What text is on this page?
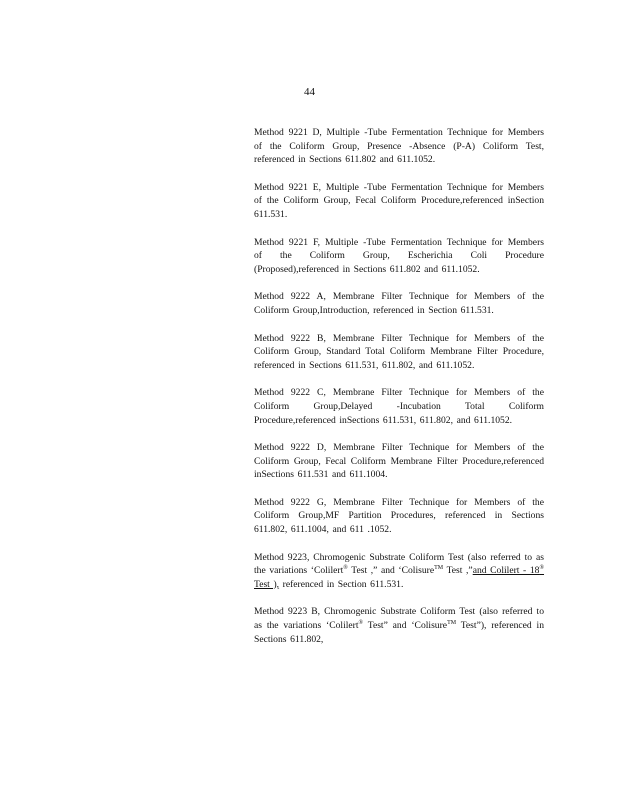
44

Method 9221 D, Multiple -Tube Fermentation Technique for Members of the Coliform Group, Presence -Absence (P-A) Coliform Test, referenced in Sections 611.802 and 611.1052.

Method 9221 E, Multiple -Tube Fermentation Technique for Members of the Coliform Group, Fecal Coliform Procedure,referenced inSection 611.531.

Method 9221 F, Multiple -Tube Fermentation Technique for Members of the Coliform Group, Escherichia Coli Procedure (Proposed),referenced in Sections 611.802 and 611.1052.

Method 9222 A, Membrane Filter Technique for Members of the Coliform Group,Introduction, referenced in Section 611.531.

Method 9222 B, Membrane Filter Technique for Members of the Coliform Group, Standard Total Coliform Membrane Filter Procedure, referenced in Sections 611.531, 611.802, and 611.1052.

Method 9222 C, Membrane Filter Technique for Members of the Coliform Group,Delayed -Incubation Total Coliform Procedure,referenced inSections 611.531, 611.802, and 611.1052.

Method 9222 D, Membrane Filter Technique for Members of the Coliform Group, Fecal Coliform Membrane Filter Procedure,referenced inSections 611.531 and 611.1004.

Method 9222 G, Membrane Filter Technique for Members of the Coliform Group,MF Partition Procedures, referenced in Sections 611.802, 611.1004, and 611 .1052.

Method 9223, Chromogenic Substrate Coliform Test (also referred to as the variations ‘Colilert® Test ,” and ‘Colisure™ Test ,”and Colilert - 18® Test ), referenced in Section 611.531.

Method 9223 B, Chromogenic Substrate Coliform Test (also referred to as the variations ‘Colilert® Test” and ‘Colisure™ Test”), referenced in Sections 611.802,
